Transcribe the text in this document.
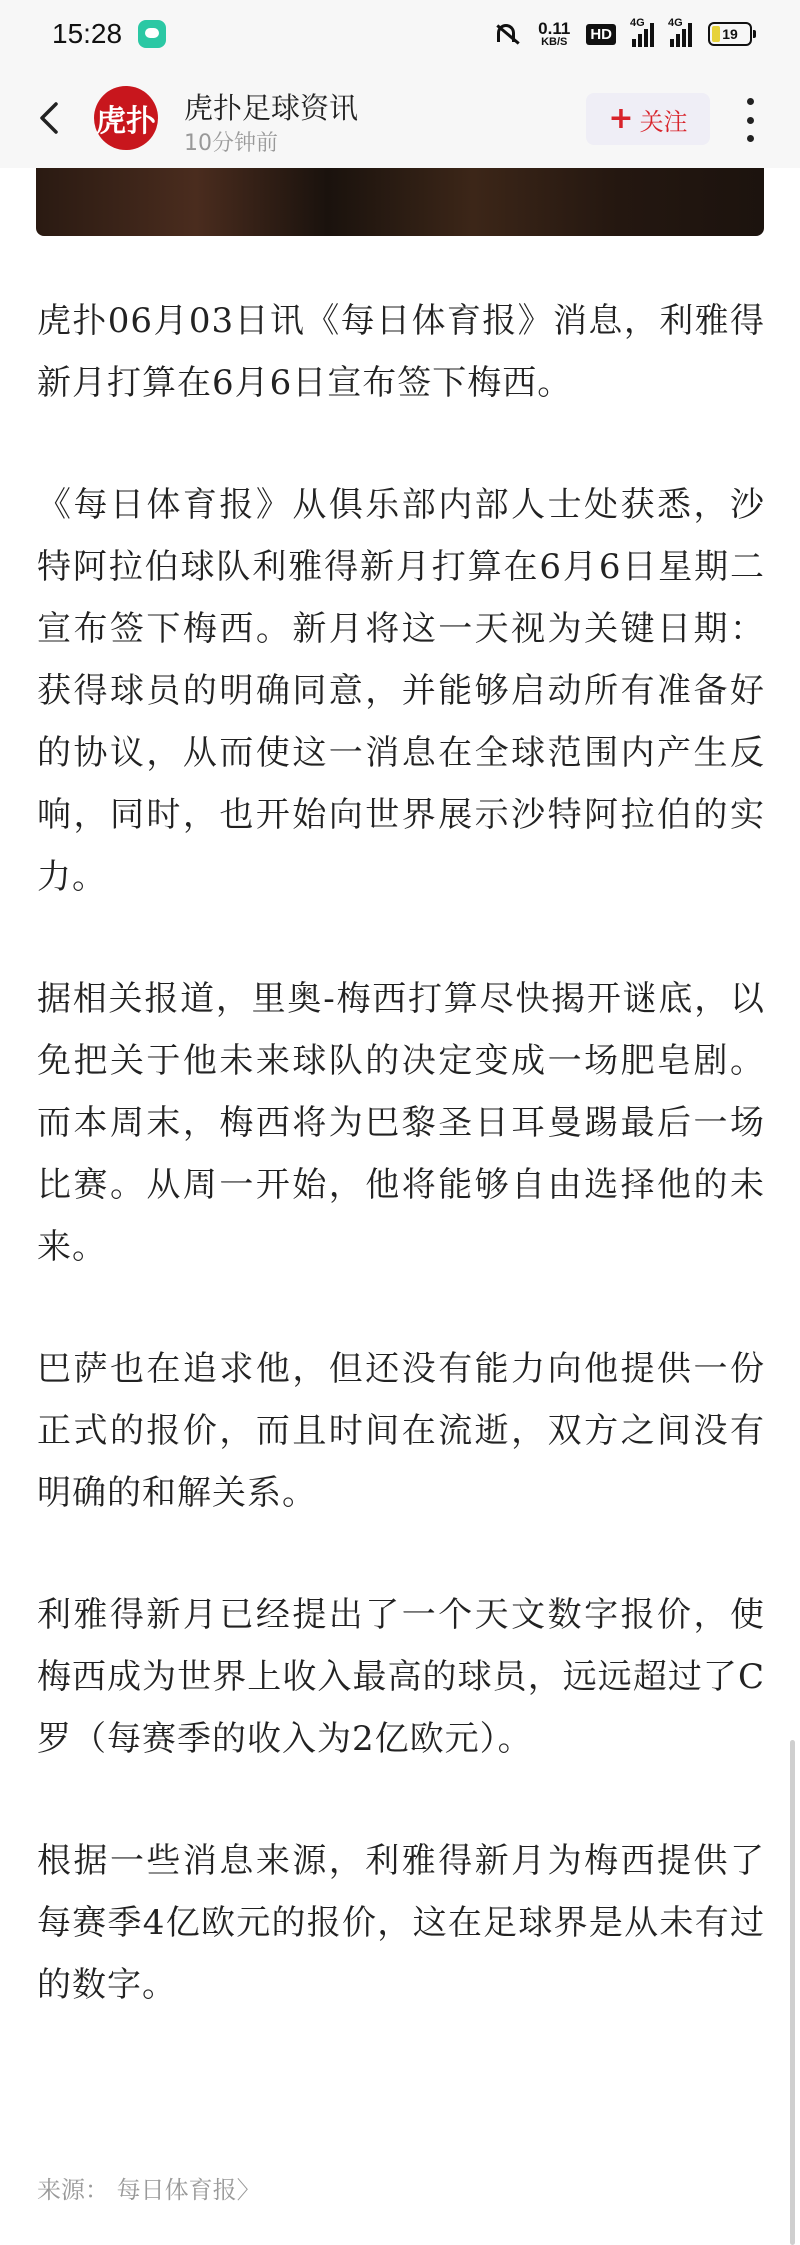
15:28	0.11
KB/S HD
4G 4G
19
虎扑 虎扑足球资讯
10分钟前
+ 关注

虎扑06月03日讯《每日体育报》消息，利雅得新月打算在6月6日宣布签下梅西。

《每日体育报》从俱乐部内部人士处获悉，沙特阿拉伯球队利雅得新月打算在6月6日星期二宣布签下梅西。新月将这一天视为关键日期：获得球员的明确同意，并能够启动所有准备好的协议，从而使这一消息在全球范围内产生反响，同时，也开始向世界展示沙特阿拉伯的实力。

据相关报道，里奥-梅西打算尽快揭开谜底，以免把关于他未来球队的决定变成一场肥皂剧。而本周末，梅西将为巴黎圣日耳曼踢最后一场比赛。从周一开始，他将能够自由选择他的未来。

巴萨也在追求他，但还没有能力向他提供一份正式的报价，而且时间在流逝，双方之间没有明确的和解关系。

利雅得新月已经提出了一个天文数字报价，使梅西成为世界上收入最高的球员，远远超过了C罗（每赛季的收入为2亿欧元）。

根据一些消息来源，利雅得新月为梅西提供了每赛季4亿欧元的报价，这在足球界是从未有过的数字。

来源： 每日体育报〉
